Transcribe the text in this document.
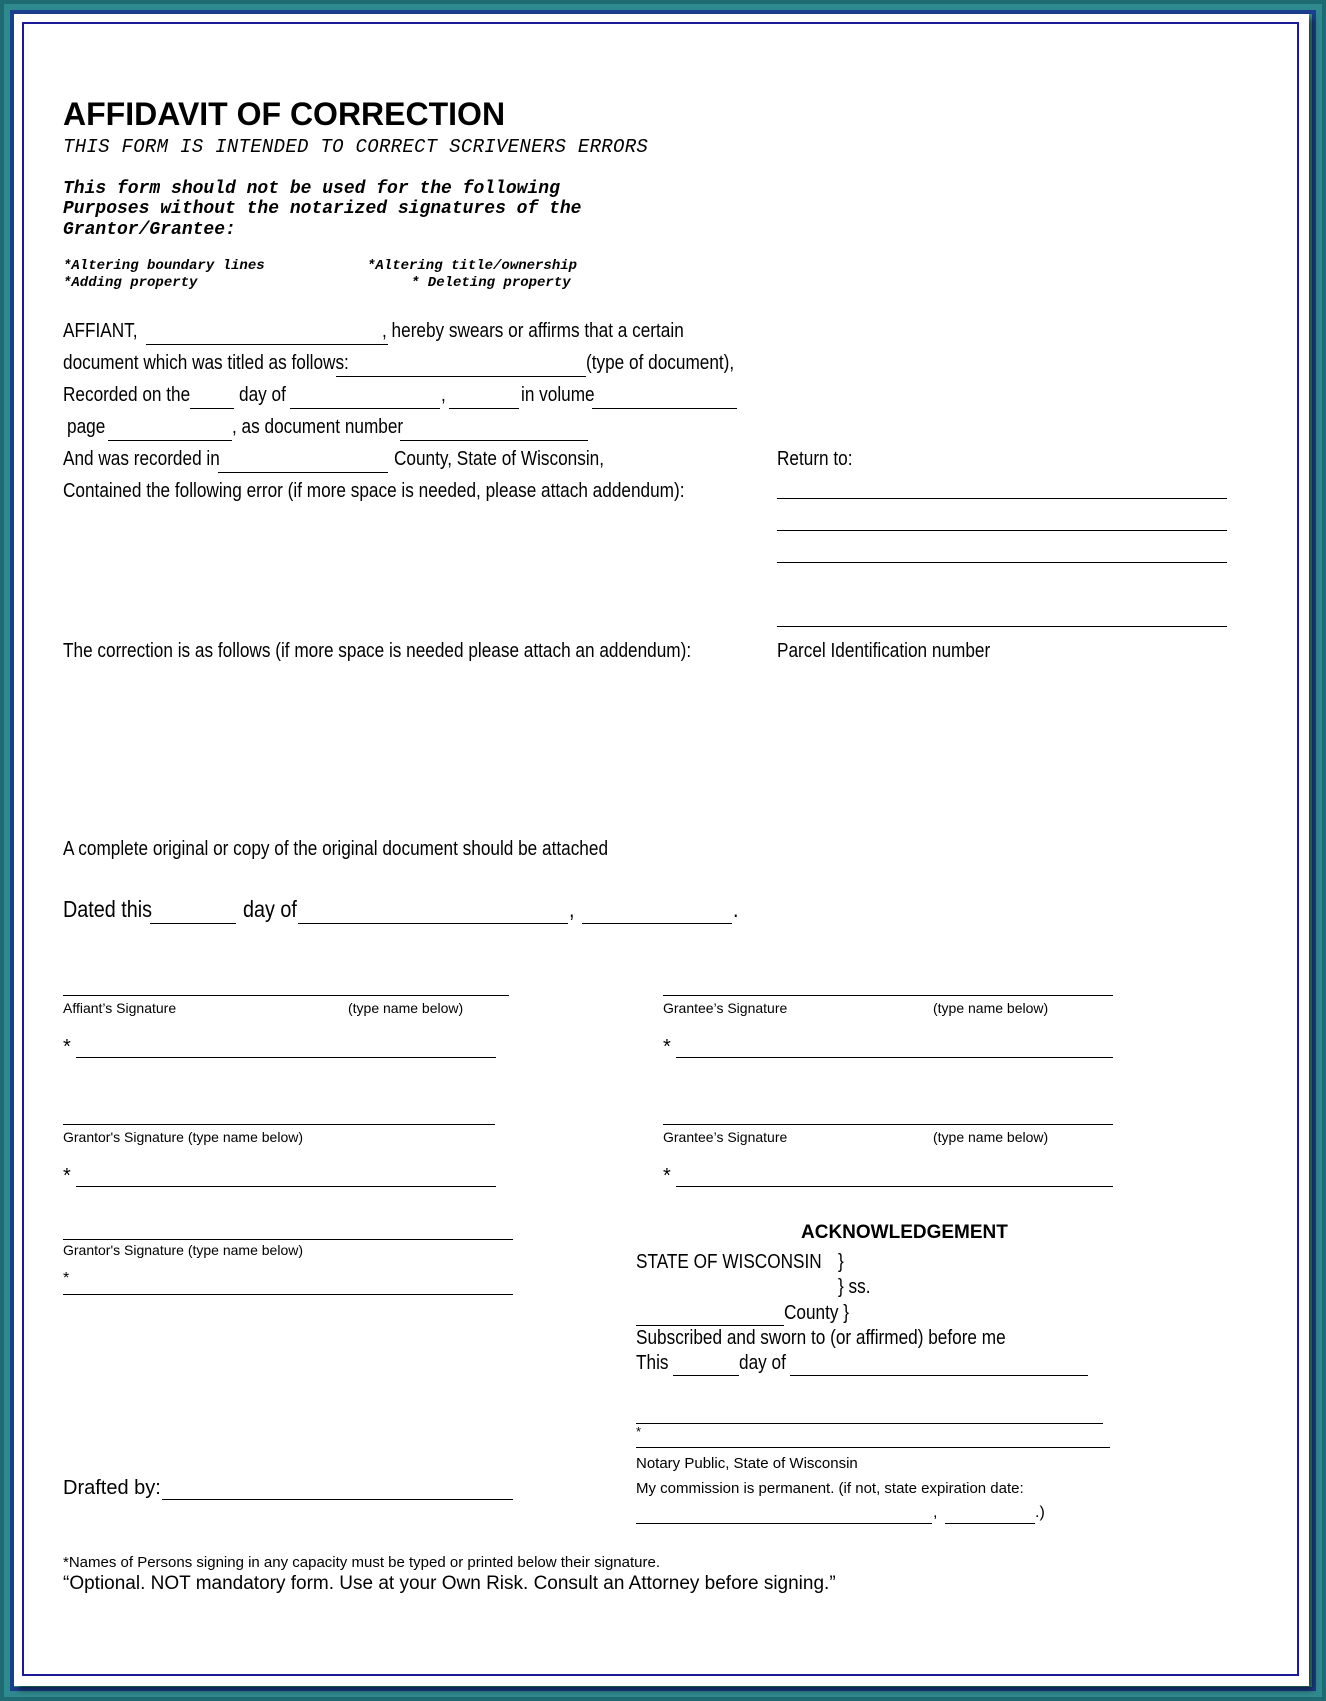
AFFIDAVIT OF CORRECTION
THIS FORM IS INTENDED TO CORRECT SCRIVENERS ERRORS
This form should not be used for the following
Purposes without the notarized signatures of the
Grantor/Grantee:
*Altering boundary lines	*Altering title/ownership
*Adding property	* Deleting property
AFFIANT,	, hereby swears or affirms that a certain
document which was titled as follows:	(type of document),
Recorded on the day of	,	in volume
page	, as document number
And was recorded in	County, State of Wisconsin,
Contained the following error (if more space is needed, please attach addendum):
Return to:
Parcel Identification number
The correction is as follows (if more space is needed please attach an addendum):
A complete original or copy of the original document should be attached
Dated this	day of	,	.
Affiant’s Signature	(type name below)
*
Grantor's Signature (type name below)
*
Grantor's Signature (type name below)
*
Grantee’s Signature	(type name below)
*
Grantee’s Signature	(type name below)
*
ACKNOWLEDGEMENT
STATE OF WISCONSIN }
} ss.
County }
Subscribed and sworn to (or affirmed) before me
This	day of
*
Notary Public, State of Wisconsin
My commission is permanent. (if not, state expiration date:
,	.)
Drafted by:
*Names of Persons signing in any capacity must be typed or printed below their signature.
“Optional. NOT mandatory form. Use at your Own Risk. Consult an Attorney before signing.”
